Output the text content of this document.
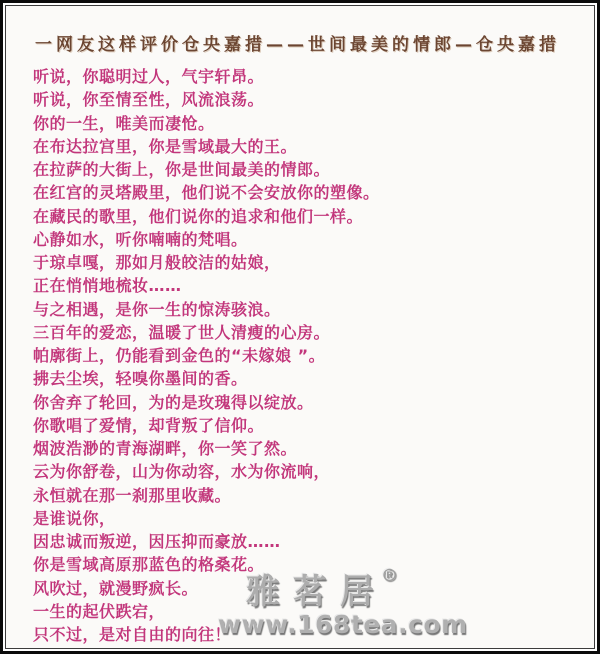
一网友这样评价仓央嘉措——世间最美的情郎—仓央嘉措
听说，你聪明过人，气宇轩昂。
听说，你至情至性，风流浪荡。
你的一生，唯美而凄怆。
在布达拉宫里，你是雪域最大的王。
在拉萨的大街上，你是世间最美的情郎。
在红宫的灵塔殿里，他们说不会安放你的塑像。
在藏民的歌里，他们说你的追求和他们一样。
心静如水，听你喃喃的梵唱。
于琼卓嘎，那如月般皎洁的姑娘，
正在悄悄地梳妆……
与之相遇，是你一生的惊涛骇浪。
三百年的爱恋，温暖了世人清瘦的心房。
帕廓街上，仍能看到金色的“未嫁娘 ”。
拂去尘埃，轻嗅你墨间的香。
你舍弃了轮回，为的是玫瑰得以绽放。
你歌唱了爱情，却背叛了信仰。
烟波浩渺的青海湖畔，你一笑了然。
云为你舒卷，山为你动容，水为你流响，
永恒就在那一刹那里收藏。
是谁说你，
因忠诚而叛逆，因压抑而豪放……
你是雪域高原那蓝色的格桑花。
风吹过，就漫野疯长。
一生的起伏跌宕，
只不过，是对自由的向往！
雅茗居®
www.168tea.com
